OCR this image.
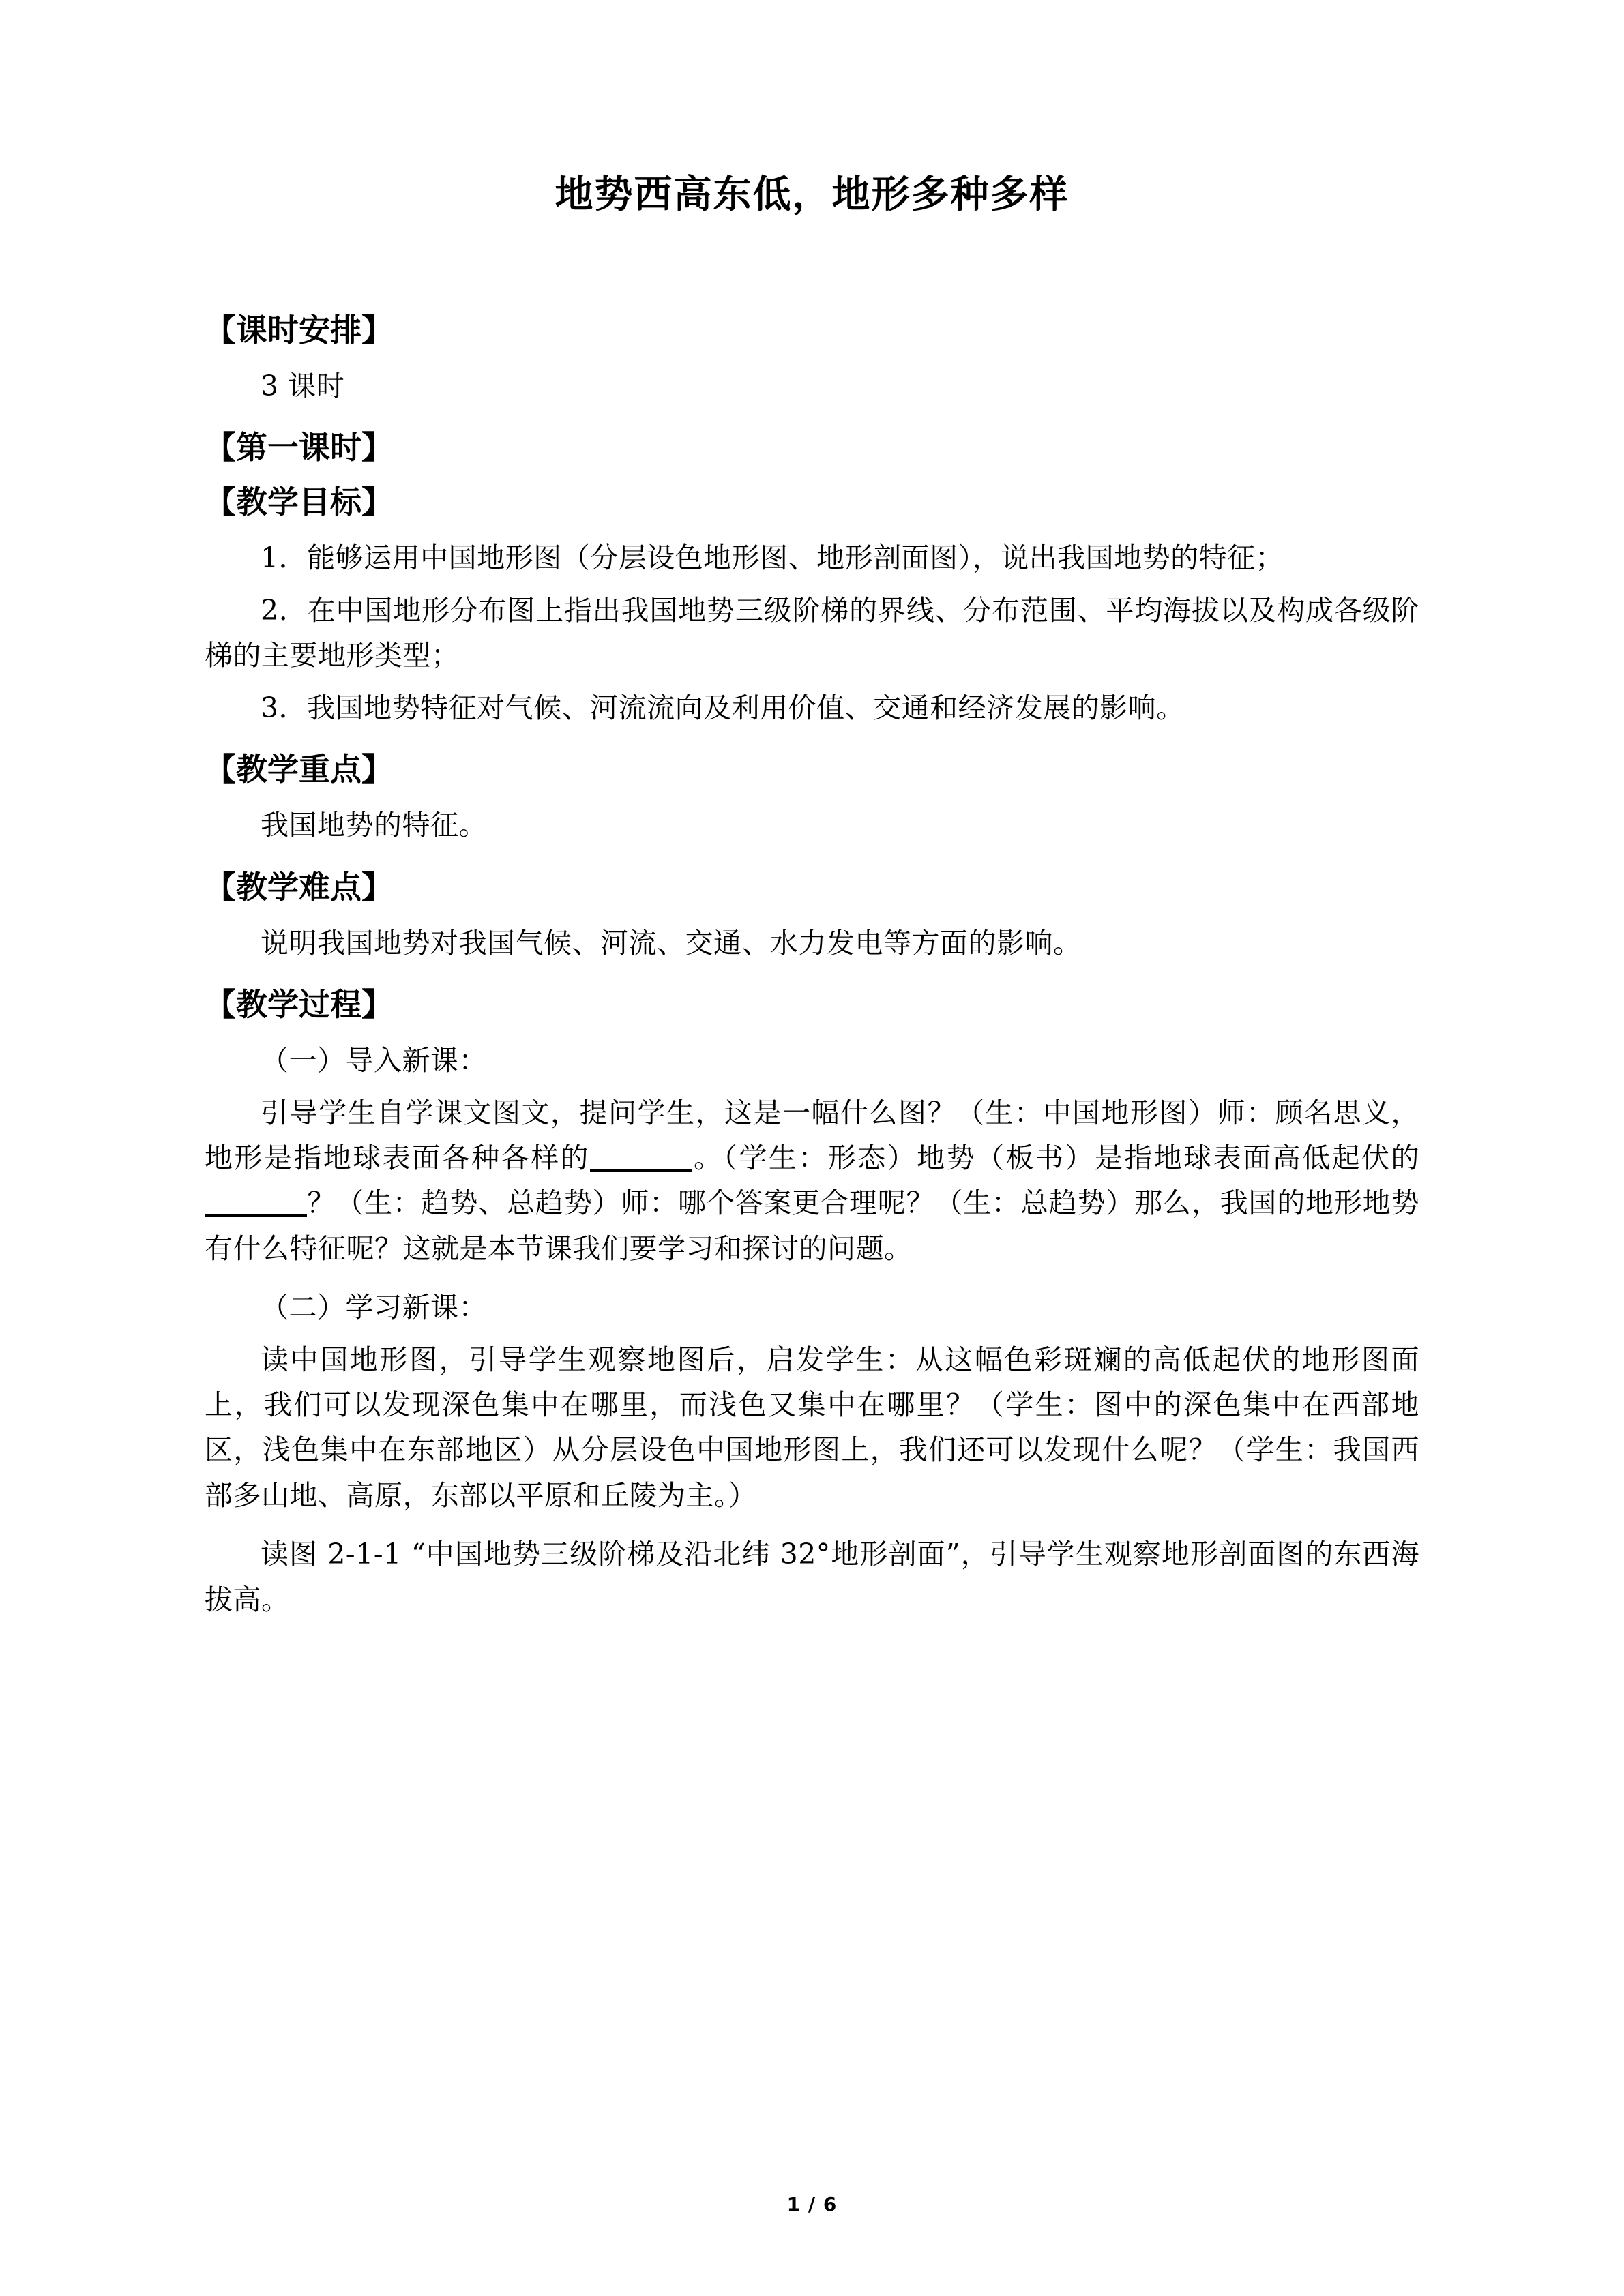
地势西高东低，地形多种多样
【课时安排】
3 课时
【第一课时】
【教学目标】
1．能够运用中国地形图（分层设色地形图、地形剖面图），说出我国地势的特征；
2．在中国地形分布图上指出我国地势三级阶梯的界线、分布范围、平均海拔以及构成各级阶梯的主要地形类型；
3．我国地势特征对气候、河流流向及利用价值、交通和经济发展的影响。
【教学重点】
我国地势的特征。
【教学难点】
说明我国地势对我国气候、河流、交通、水力发电等方面的影响。
【教学过程】
（一）导入新课：
引导学生自学课文图文，提问学生，这是一幅什么图？（生：中国地形图）师：顾名思义，地形是指地球表面各种各样的	。（学生：形态）地势（板书）是指地球表面高低起伏的？（生：趋势、总趋势）师：哪个答案更合理呢？（生：总趋势）那么，我国的地形地势有什么特征呢？这就是本节课我们要学习和探讨的问题。
（二）学习新课：
读中国地形图，引导学生观察地图后，启发学生：从这幅色彩斑斓的高低起伏的地形图面上，我们可以发现深色集中在哪里，而浅色又集中在哪里？（学生：图中的深色集中在西部地区，浅色集中在东部地区）从分层设色中国地形图上，我们还可以发现什么呢？（学生：我国西部多山地、高原，东部以平原和丘陵为主。）
读图 2-1-1 “中国地势三级阶梯及沿北纬 32°地形剖面”，引导学生观察地形剖面图的东西海拔高。
1 / 6
